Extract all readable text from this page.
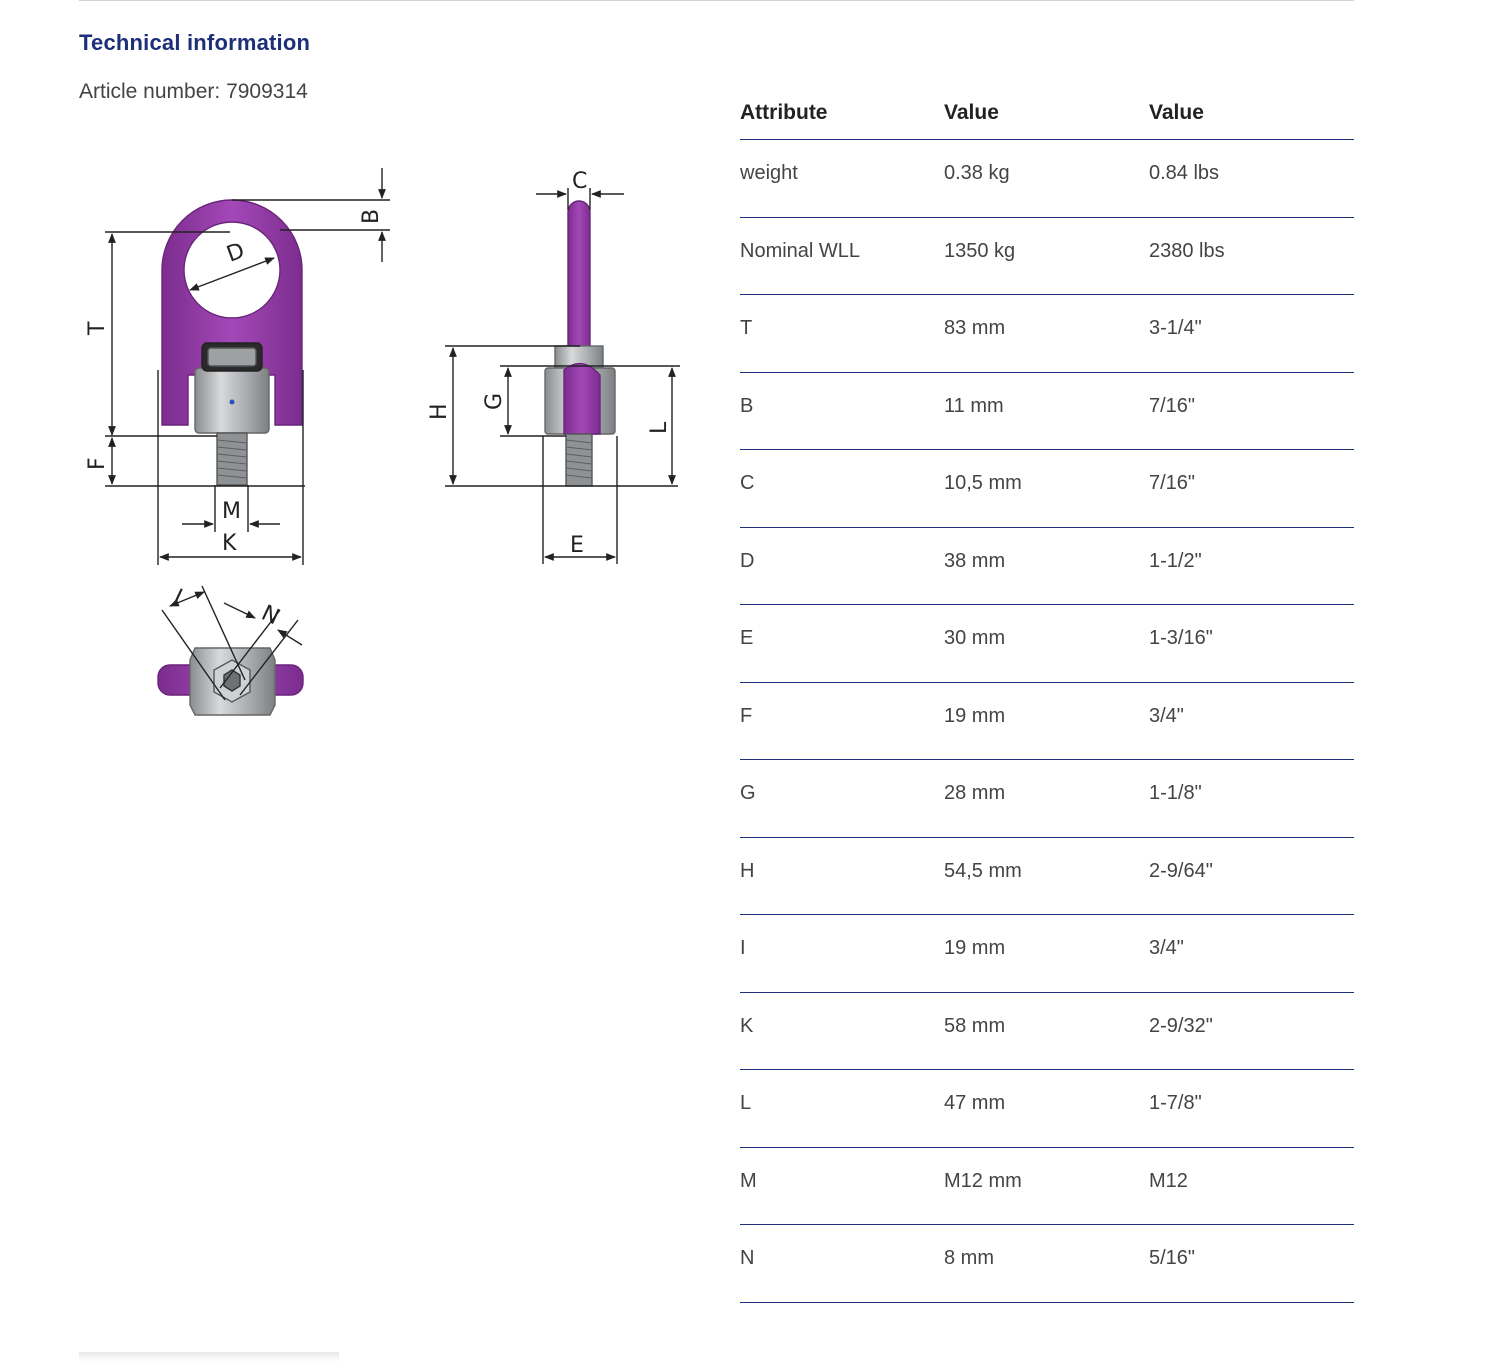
Technical information
Article number: 7909314
D
T
F
B
K
M
C
H
G
L
E
I
N
Attribute	Value	Value
weight	0.38 kg	0.84 lbs
Nominal WLL	1350 kg	2380 lbs
T	83 mm	3-1/4"
B	11 mm	7/16"
C	10,5 mm	7/16"
D	38 mm	1-1/2"
E	30 mm	1-3/16"
F	19 mm	3/4"
G	28 mm	1-1/8"
H	54,5 mm	2-9/64"
I	19 mm	3/4"
K	58 mm	2-9/32"
L	47 mm	1-7/8"
M	M12 mm	M12
N	8 mm	5/16"
